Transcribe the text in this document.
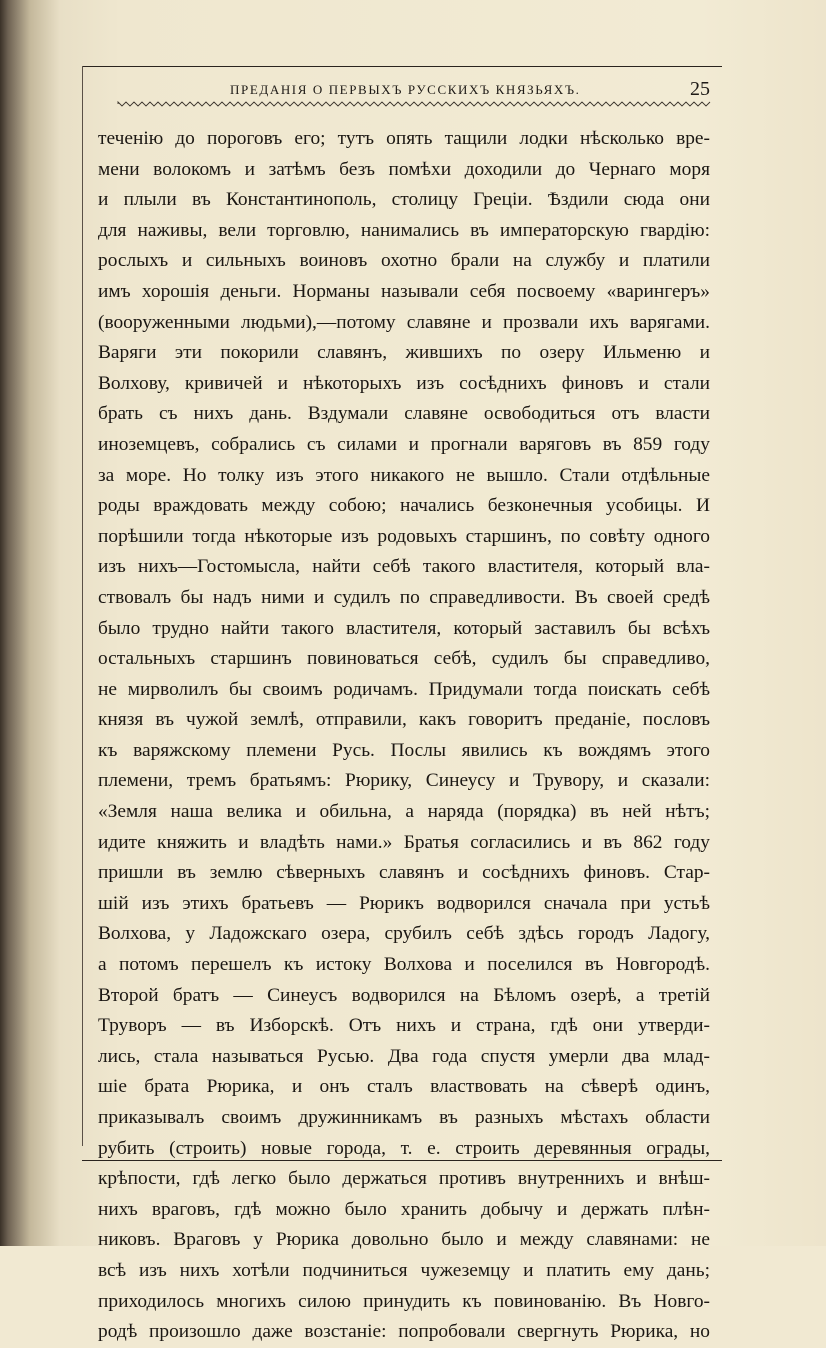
ПРЕДАНІЯ О ПЕРВЫХЪ РУССКИХЪ КНЯЗЬЯХЪ.	25
теченію до пороговъ его; тутъ опять тащили лодки нѣсколько вре-
мени волокомъ и затѣмъ безъ помѣхи доходили до Чернаго моря
и плыли въ Константинополь, столицу Греціи. Ѣздили сюда они
для наживы, вели торговлю, нанимались въ императорскую гвардію:
рослыхъ и сильныхъ воиновъ охотно брали на службу и платили
имъ хорошія деньги. Норманы называли себя посвоему «варингеръ»
(вооруженными людьми),—потому славяне и прозвали ихъ варягами.
Варяги эти покорили славянъ, жившихъ по озеру Ильменю и
Волхову, кривичей и нѣкоторыхъ изъ сосѣднихъ финовъ и стали
брать съ нихъ дань. Вздумали славяне освободиться отъ власти
иноземцевъ, собрались съ силами и прогнали варяговъ въ 859 году
за море. Но толку изъ этого никакого не вышло. Стали отдѣльные
роды враждовать между собою; начались безконечныя усобицы. И
порѣшили тогда нѣкоторые изъ родовыхъ старшинъ, по совѣту одного
изъ нихъ—Гостомысла, найти себѣ такого властителя, который вла-
ствовалъ бы надъ ними и судилъ по справедливости. Въ своей средѣ
было трудно найти такого властителя, который заставилъ бы всѣхъ
остальныхъ старшинъ повиноваться себѣ, судилъ бы справедливо,
не мирволилъ бы своимъ родичамъ. Придумали тогда поискать себѣ
князя въ чужой землѣ, отправили, какъ говоритъ преданіе, пословъ
къ варяжскому племени Русь. Послы явились къ вождямъ этого
племени, тремъ братьямъ: Рюрику, Синеусу и Трувору, и сказали:
«Земля наша велика и обильна, а наряда (порядка) въ ней нѣтъ;
идите княжить и владѣть нами.» Братья согласились и въ 862 году
пришли въ землю сѣверныхъ славянъ и сосѣднихъ финовъ. Стар-
шій изъ этихъ братьевъ — Рюрикъ водворился сначала при устьѣ
Волхова, у Ладожскаго озера, срубилъ себѣ здѣсь городъ Ладогу,
а потомъ перешелъ къ истоку Волхова и поселился въ Новгородѣ.
Второй братъ — Синеусъ водворился на Бѣломъ озерѣ, а третій
Труворъ — въ Изборскѣ. Отъ нихъ и страна, гдѣ они утверди-
лись, стала называться Русью. Два года спустя умерли два млад-
шіе брата Рюрика, и онъ сталъ властвовать на сѣверѣ одинъ,
приказывалъ своимъ дружинникамъ въ разныхъ мѣстахъ области
рубить (строить) новые города, т. е. строить деревянныя ограды,
крѣпости, гдѣ легко было держаться противъ внутреннихъ и внѣш-
нихъ враговъ, гдѣ можно было хранить добычу и держать плѣн-
никовъ. Враговъ у Рюрика довольно было и между славянами: не
всѣ изъ нихъ хотѣли подчиниться чужеземцу и платить ему дань;
приходилось многихъ силою принудить къ повинованію. Въ Новго-
родѣ произошло даже возстаніе: попробовали свергнуть Рюрика, но
